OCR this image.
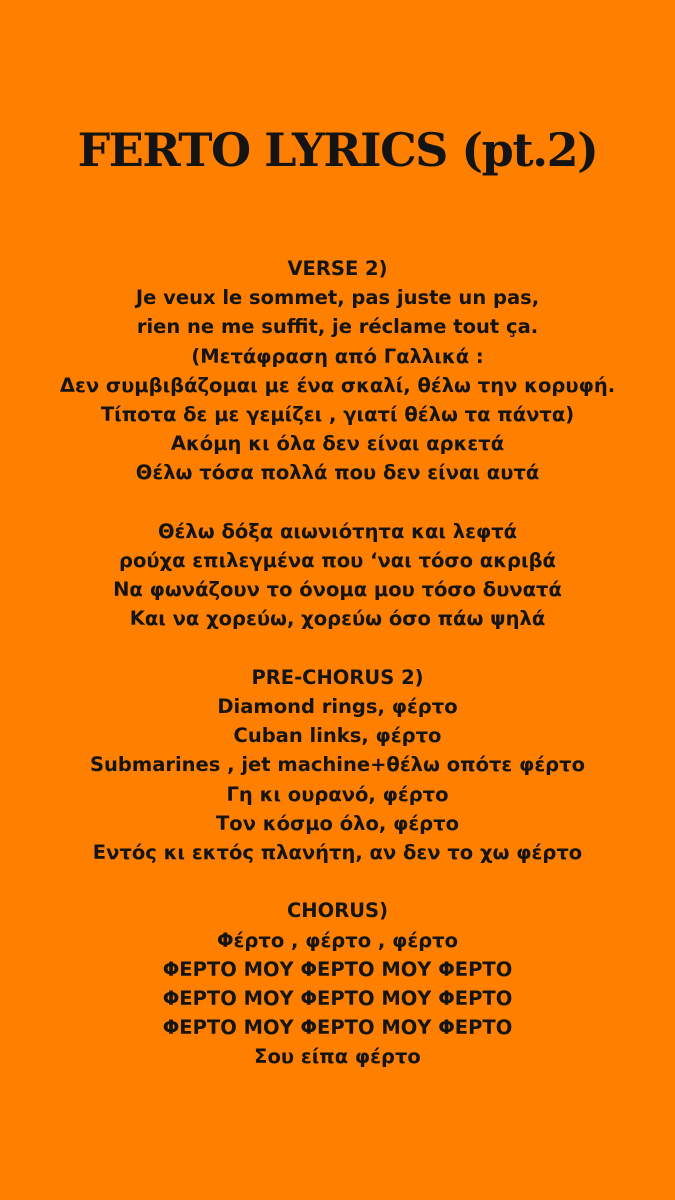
FERTO LYRICS (pt.2)
VERSE 2)
Je veux le sommet, pas juste un pas,
rien ne me suffit, je réclame tout ça.
(Μετάφραση από Γαλλικά :
Δεν συμβιβάζομαι με ένα σκαλί, θέλω την κορυφή.
Τίποτα δε με γεμίζει , γιατί θέλω τα πάντα)
Ακόμη κι όλα δεν είναι αρκετά
Θέλω τόσα πολλά που δεν είναι αυτά
Θέλω δόξα αιωνιότητα και λεφτά
ρούχα επιλεγμένα που ‘ναι τόσο ακριβά
Να φωνάζουν το όνομα μου τόσο δυνατά
Και να χορεύω, χορεύω όσο πάω ψηλά
PRE-CHORUS 2)
Diamond rings, φέρτο
Cuban links, φέρτο
Submarines , jet machine+θέλω οπότε φέρτο
Γη κι ουρανό, φέρτο
Τον κόσμο όλο, φέρτο
Εντός κι εκτός πλανήτη, αν δεν το χω φέρτο
CHORUS)
Φέρτο , φέρτο , φέρτο
ΦΕΡΤΟ ΜΟΥ ΦΕΡΤΟ ΜΟΥ ΦΕΡΤΟ
ΦΕΡΤΟ ΜΟΥ ΦΕΡΤΟ ΜΟΥ ΦΕΡΤΟ
ΦΕΡΤΟ ΜΟΥ ΦΕΡΤΟ ΜΟΥ ΦΕΡΤΟ
Σου είπα φέρτο
